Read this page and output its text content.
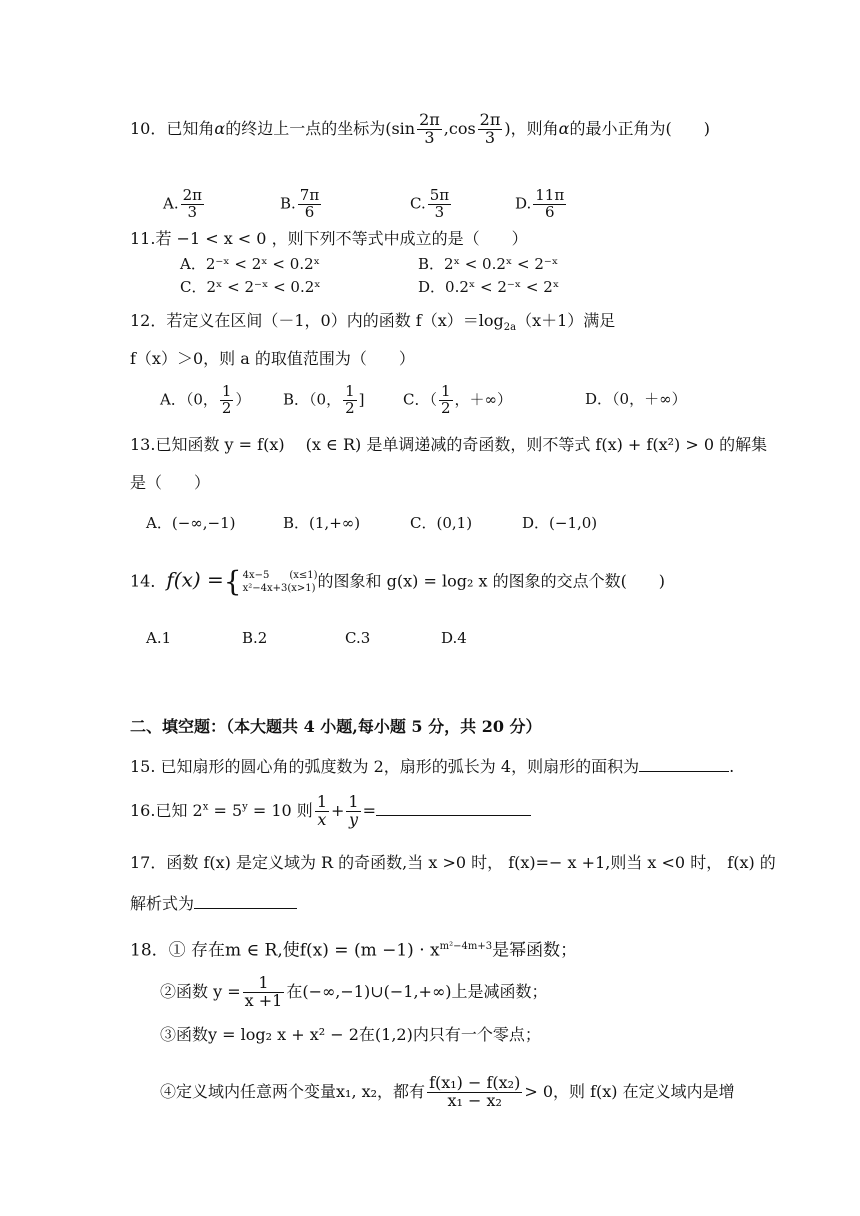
10．已知角α的终边上一点的坐标为($\sin \frac{2\pi}{3} ,\cos \frac{2\pi}{3}$ )，则角α的最小正角为(　　)
A. $\frac{2\pi}{3}$	B. $\frac{7\pi}{6}$	C. $\frac{5\pi}{3}$	D. $\frac{11\pi}{6}$
11.若 −1 < x < 0 ，则下列不等式中成立的是（　　）
A．2⁻ˣ < 2ˣ < 0.2ˣ	B．2ˣ < 0.2ˣ < 2⁻ˣ
C．2ˣ < 2⁻ˣ < 0.2ˣ	D．0.2ˣ < 2⁻ˣ < 2ˣ
12．若定义在区间（－1，0）内的函数 $f(x)=\log_{2a}(x+1)$满足
f（x）＞0，则 a 的取值范围为（　　）
A．（0， $\frac{1}{2}$ ） B．（0， $\frac{1}{2}$ ]	C．（ $\frac{1}{2}$ ，＋∞）	D．（0，＋∞）
13.已知函数 y = f(x)　 (x ∈ R) 是单调递减的奇函数，则不等式 f(x) + f(x²) > 0 的解集
是（　　）
A．(−∞,−1)	B．(1,+∞)	C．(0,1)	D．(−1,0)
14．f(x) ={ 4x−5　　(x≤1)
x²−4x+3(x>1) 的图象和 g(x) = log₂ x 的图象的交点个数(　　)
A.1	B.2	C.3	D.4
二、填空题：（本大题共 4 小题,每小题 5 分，共 20 分）
15. 已知扇形的圆心角的弧度数为 2，扇形的弧长为 4，则扇形的面积为	.
16.已知 $2^x = 5^y = 10$ 则 $\frac{1}{x} + \frac{1}{y}$ =
17．函数 f(x) 是定义域为 R 的奇函数,当 x >0 时， f(x)=− x +1,则当 x <0 时， f(x) 的
解析式为
18．① 存在m ∈ R,使$f(x) = (m -1) \cdot x^{m^2-4m+3}$是幂函数；
②函数 $y = \frac{1}{x +1}$ 在(−∞,−1)∪(−1,+∞)上是减函数；
③函数y = log₂ x + x² − 2在(1,2)内只有一个零点；
④定义域内任意两个变量x₁, x₂，都有 $\frac{\text{f(x₁) − f(x₂)}}{\text{x₁ − x₂}} > 0$，则 f(x) 在定义域内是增
